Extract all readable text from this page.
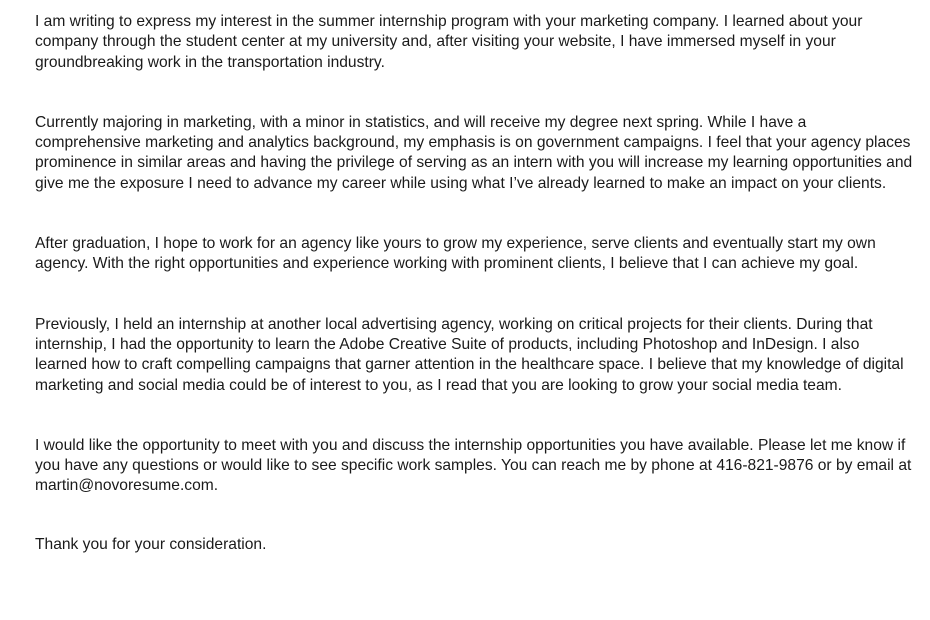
I am writing to express my interest in the summer internship program with your marketing company. I learned about your company through the student center at my university and, after visiting your website, I have immersed myself in your groundbreaking work in the transportation industry.

Currently majoring in marketing, with a minor in statistics, and will receive my degree next spring. While I have a comprehensive marketing and analytics background, my emphasis is on government campaigns. I feel that your agency places prominence in similar areas and having the privilege of serving as an intern with you will increase my learning opportunities and give me the exposure I need to advance my career while using what I’ve already learned to make an impact on your clients.

After graduation, I hope to work for an agency like yours to grow my experience, serve clients and eventually start my own agency. With the right opportunities and experience working with prominent clients, I believe that I can achieve my goal.

Previously, I held an internship at another local advertising agency, working on critical projects for their clients. During that internship, I had the opportunity to learn the Adobe Creative Suite of products, including Photoshop and InDesign. I also learned how to craft compelling campaigns that garner attention in the healthcare space. I believe that my knowledge of digital marketing and social media could be of interest to you, as I read that you are looking to grow your social media team.

I would like the opportunity to meet with you and discuss the internship opportunities you have available. Please let me know if you have any questions or would like to see specific work samples. You can reach me by phone at 416-821-9876 or by email at martin@novoresume.com.

Thank you for your consideration.
